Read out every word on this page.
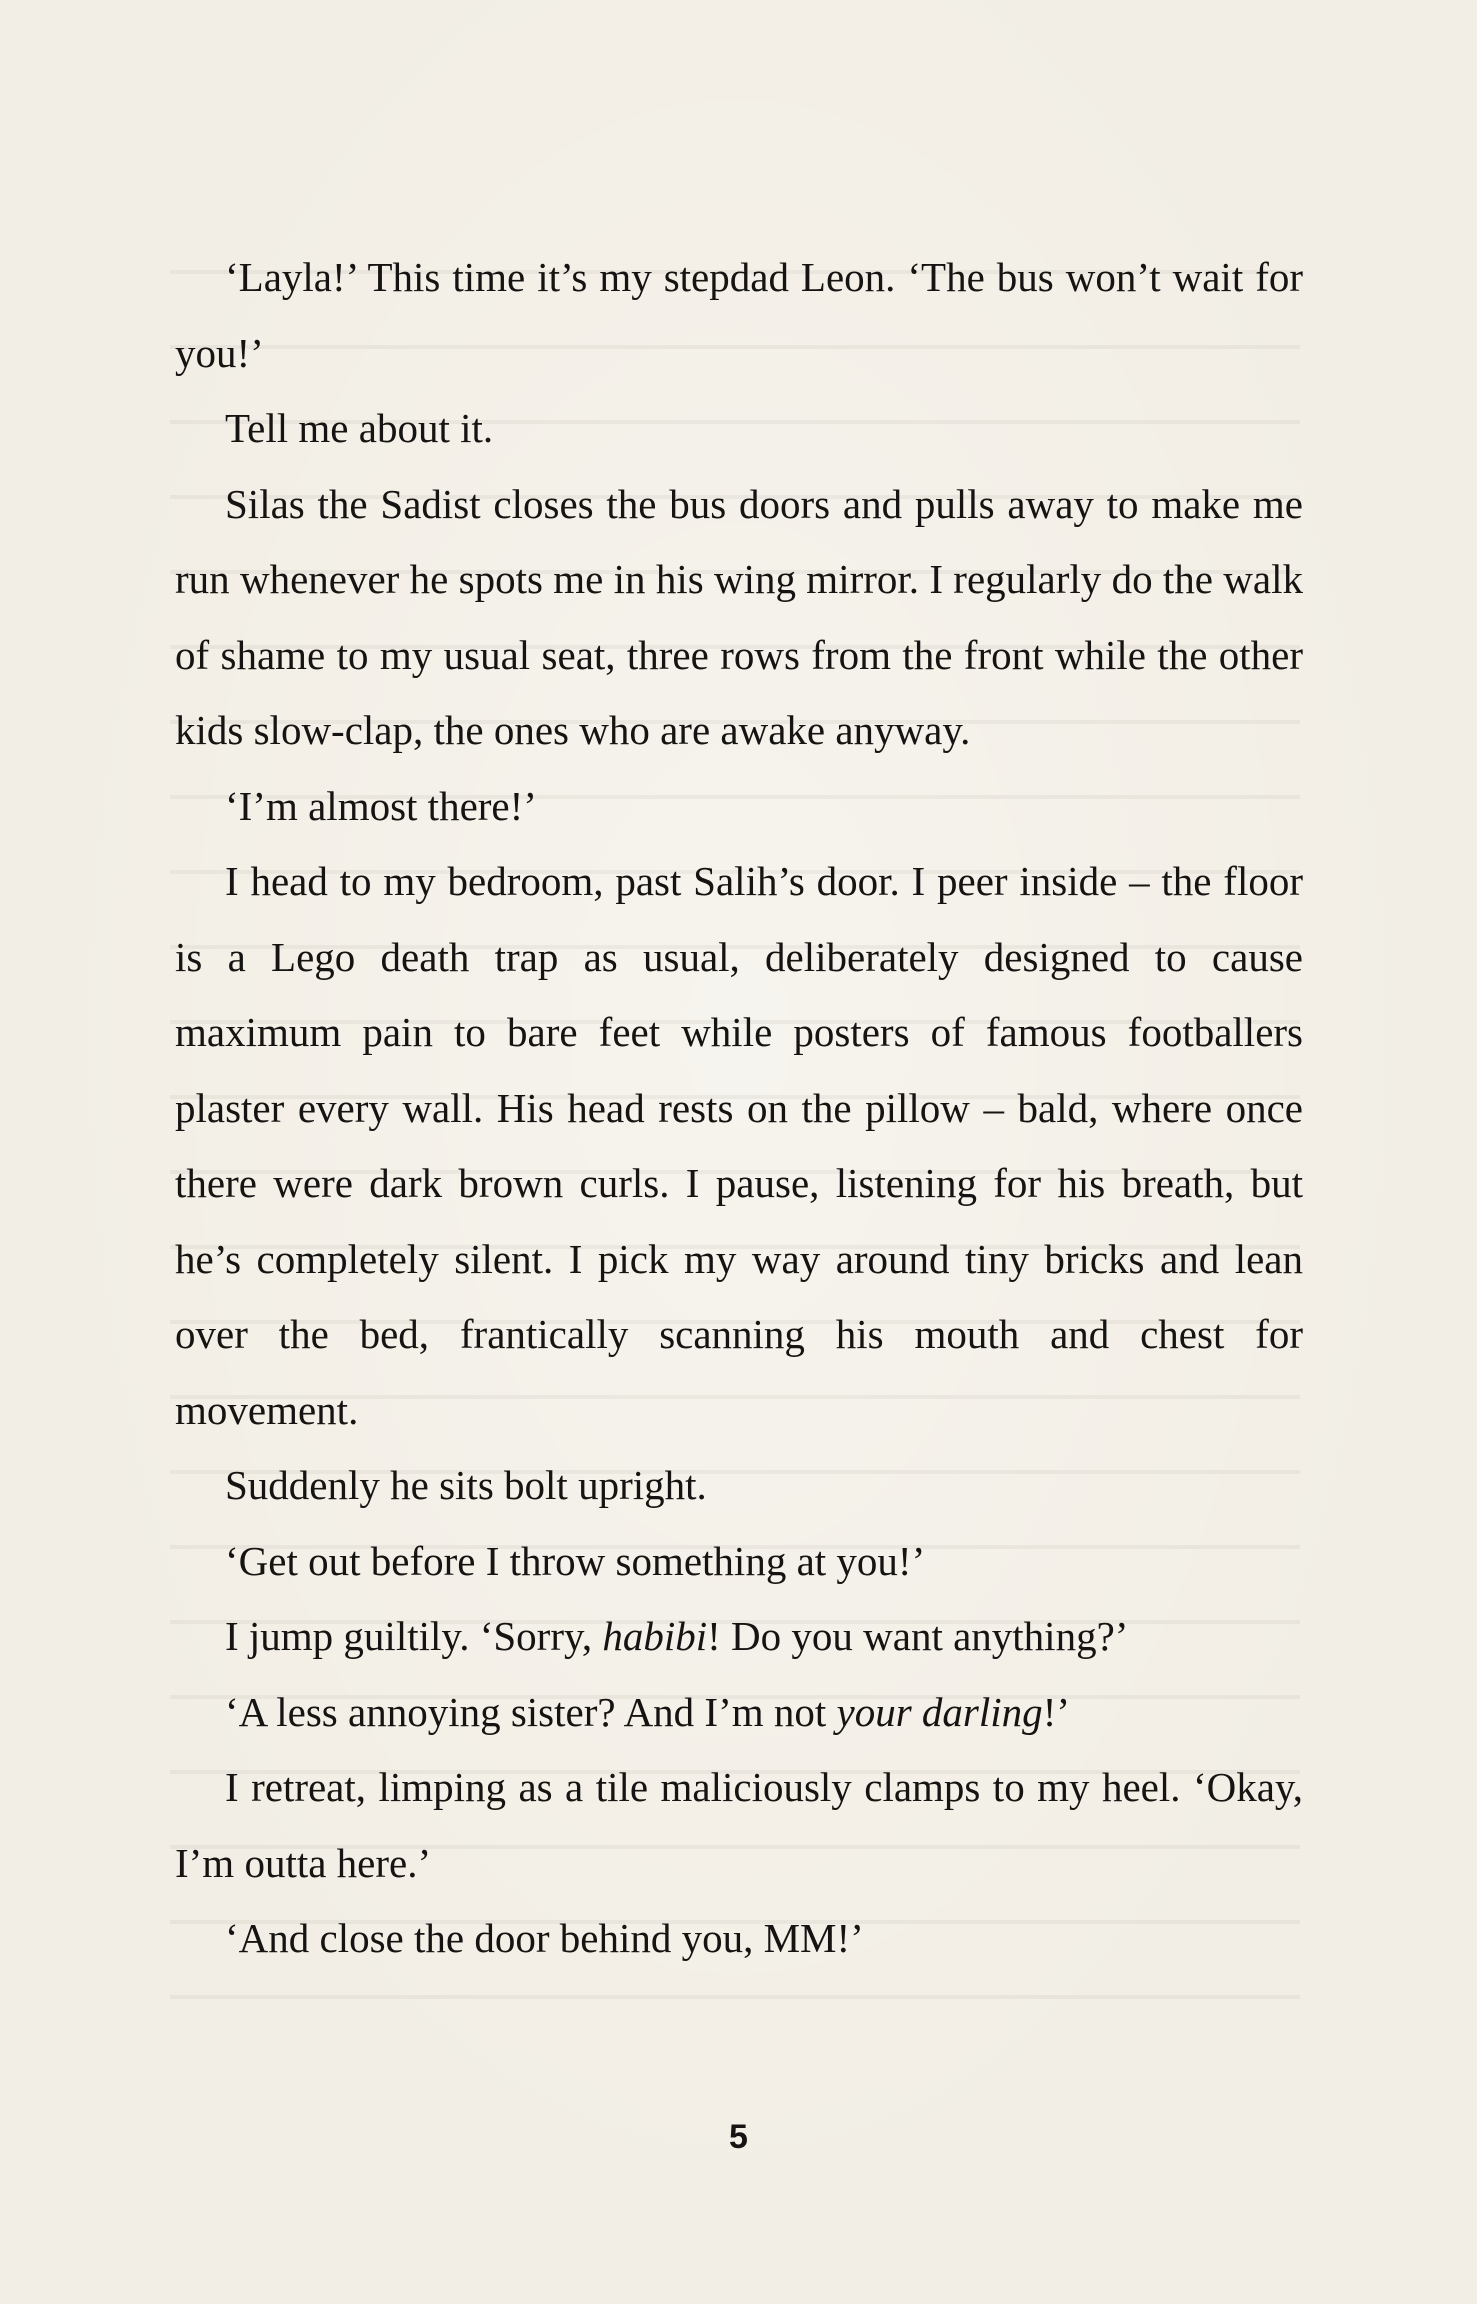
‘Layla!’ This time it’s my stepdad Leon. ‘The bus won’t wait for you!’

Tell me about it.

Silas the Sadist closes the bus doors and pulls away to make me run whenever he spots me in his wing mirror. I regularly do the walk of shame to my usual seat, three rows from the front while the other kids slow-clap, the ones who are awake anyway.

‘I’m almost there!’

I head to my bedroom, past Salih’s door. I peer inside – the floor is a Lego death trap as usual, deliberately designed to cause maximum pain to bare feet while posters of famous footballers plaster every wall. His head rests on the pillow – bald, where once there were dark brown curls. I pause, listening for his breath, but he’s completely silent. I pick my way around tiny bricks and lean over the bed, frantically scanning his mouth and chest for movement.

Suddenly he sits bolt upright.

‘Get out before I throw something at you!’

I jump guiltily. ‘Sorry, habibi! Do you want anything?’

‘A less annoying sister? And I’m not your darling!’

I retreat, limping as a tile maliciously clamps to my heel. ‘Okay, I’m outta here.’

‘And close the door behind you, MM!’

5
